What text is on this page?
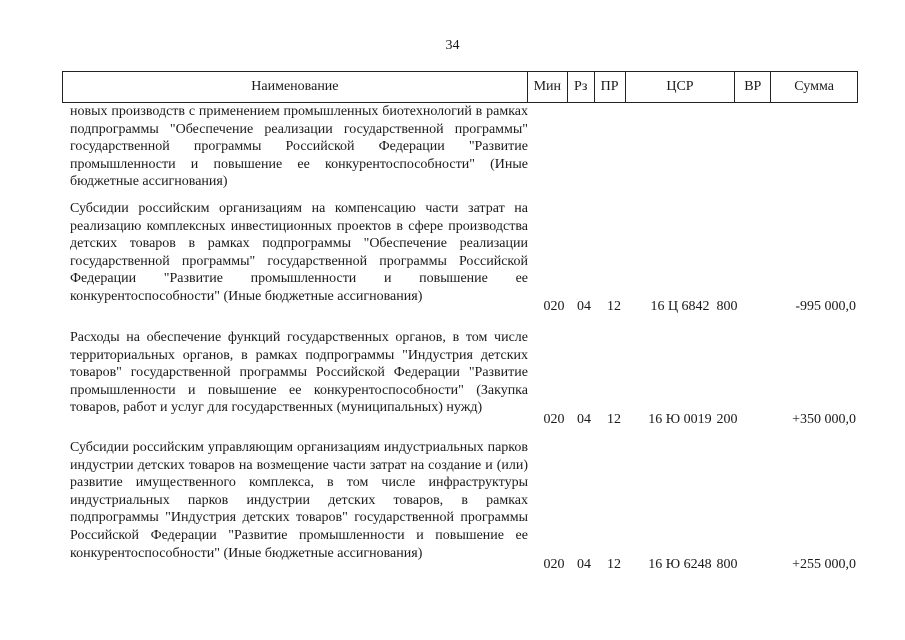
34
Наименование	Мин Рз ПР	ЦСР	ВР	Сумма
новых производств с применением промышленных биотехнологий в рамках подпрограммы "Обеспечение реализации государственной программы" государственной программы Российской Федерации "Развитие промышленности и повышение ее конкурентоспособности" (Иные бюджетные ассигнования)
Субсидии российским организациям на компенсацию части затрат на реализацию комплексных инвестиционных проектов в сфере производства детских товаров в рамках подпрограммы "Обеспечение реализации государственной программы" государственной программы Российской Федерации "Развитие промышленности и повышение ее конкурентоспособности" (Иные бюджетные ассигнования)
020 04 12	16 Ц 6842 800	-995 000,0
Расходы на обеспечение функций государственных органов, в том числе территориальных органов, в рамках подпрограммы "Индустрия детских товаров" государственной программы Российской Федерации "Развитие промышленности и повышение ее конкурентоспособности" (Закупка товаров, работ и услуг для государственных (муниципальных) нужд)
020 04 12	16 Ю 0019 200	+350 000,0
Субсидии российским управляющим организациям индустриальных парков индустрии детских товаров на возмещение части затрат на создание и (или) развитие имущественного комплекса, в том числе инфраструктуры индустриальных парков индустрии детских товаров, в рамках подпрограммы "Индустрия детских товаров" государственной программы Российской Федерации "Развитие промышленности и повышение ее конкурентоспособности" (Иные бюджетные ассигнования)
020 04 12	16 Ю 6248 800	+255 000,0
